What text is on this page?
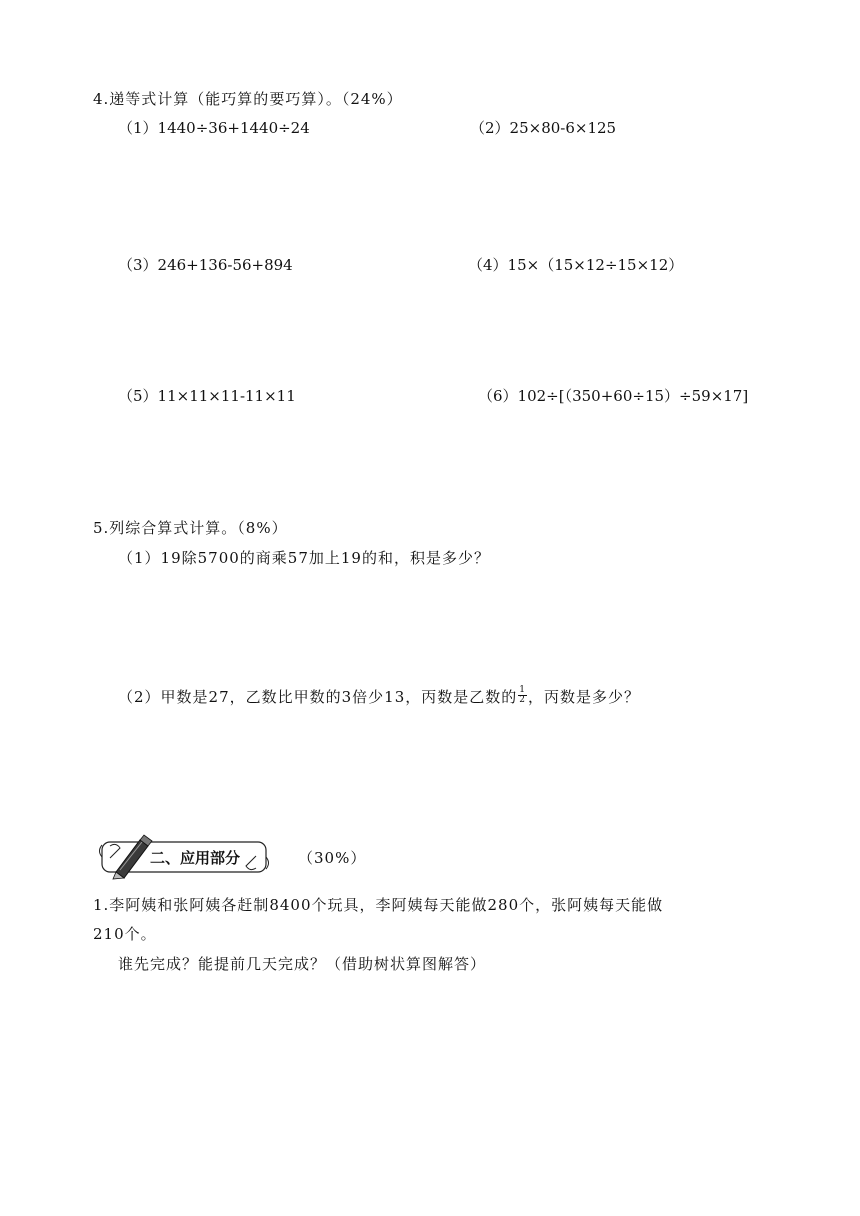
4.递等式计算（能巧算的要巧算）。（24%）
（1）1440÷36+1440÷24	（2）25×80-6×125
（3）246+136-56+894	（4）15×（15×12÷15×12）
（5）11×11×11-11×11	（6）102÷[（350+60÷15）÷59×17]
5.列综合算式计算。（8%）
（1）19除5700的商乘57加上19的和，积是多少？
（2）甲数是27，乙数比甲数的3倍少13，丙数是乙数的 $\frac{1}{2}$ ，丙数是多少？
二、应用部分	（30%）
1.李阿姨和张阿姨各赶制8400个玩具，李阿姨每天能做280个，张阿姨每天能做
210个。
谁先完成？能提前几天完成？（借助树状算图解答）
